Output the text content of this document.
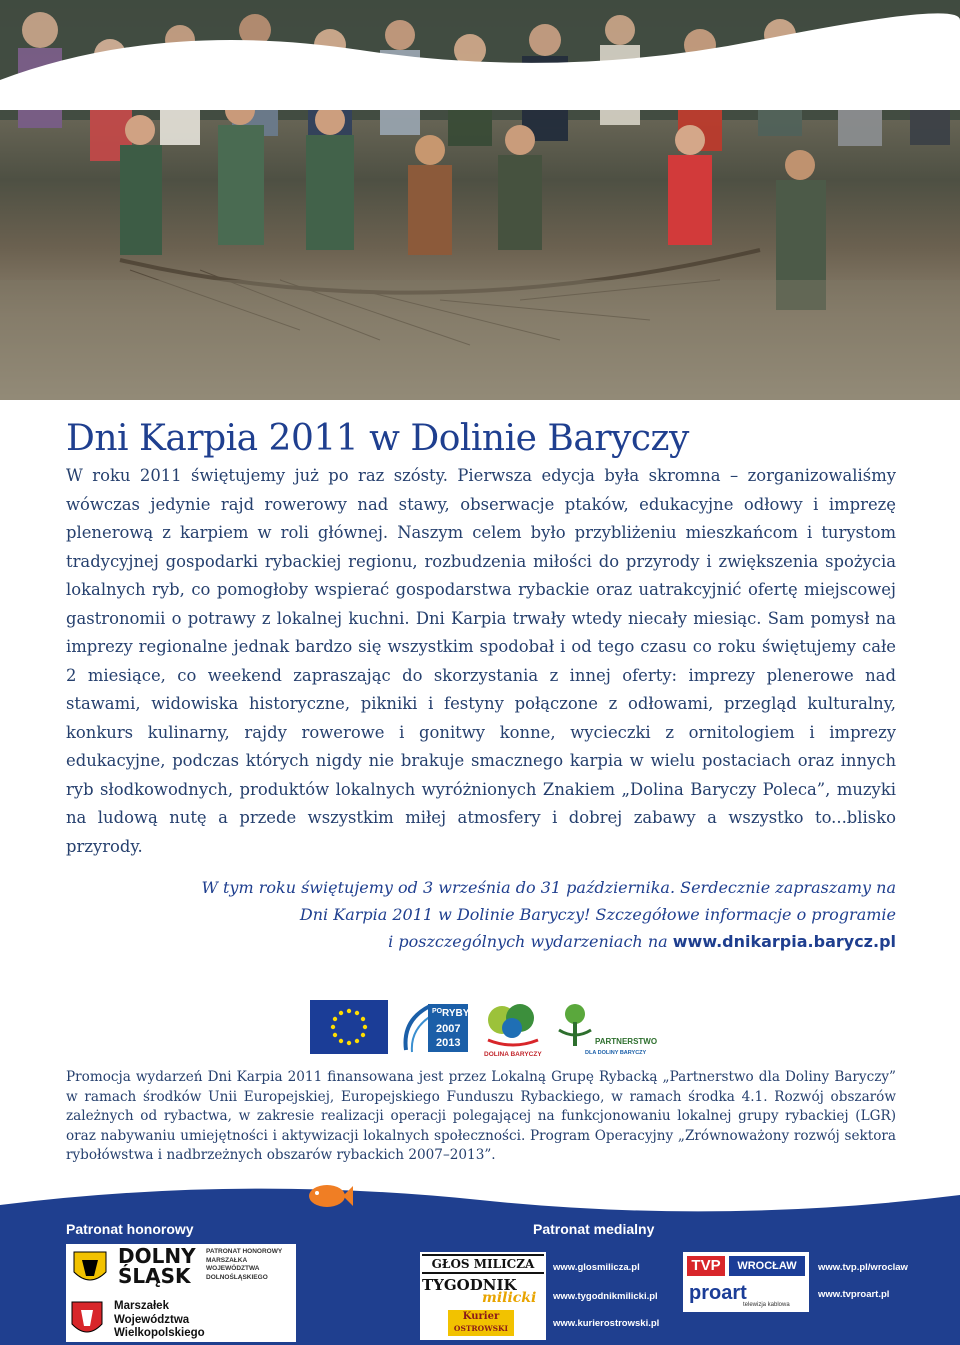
Dni Karpia 2011 w Dolinie Baryczy

W roku 2011 świętujemy już po raz szósty. Pierwsza edycja była skromna – zorganizowaliśmy wówczas jedynie rajd rowerowy nad stawy, obserwacje ptaków, edukacyjne odłowy i imprezę plenerową z karpiem w roli głównej. Naszym celem było przybliżeniu mieszkańcom i turystom tradycyjnej gospodarki rybackiej regionu, rozbudzenia miłości do przyrody i zwiększenia spożycia lokalnych ryb, co pomogłoby wspierać gospodarstwa rybackie oraz uatrakcyjnić ofertę miejscowej gastronomii o potrawy z lokalnej kuchni. Dni Karpia trwały wtedy niecały miesiąc. Sam pomysł na imprezy regionalne jednak bardzo się wszystkim spodobał i od tego czasu co roku świętujemy całe 2 miesiące, co weekend zapraszając do skorzystania z innej oferty: imprezy plenerowe nad stawami, widowiska historyczne, pikniki i festyny połączone z odłowami, przegląd kulturalny, konkurs kulinarny, rajdy rowerowe i gonitwy konne, wycieczki z ornitologiem i imprezy edukacyjne, podczas których nigdy nie brakuje smacznego karpia w wielu postaciach oraz innych ryb słodkowodnych, produktów lokalnych wyróżnionych Znakiem „Dolina Baryczy Poleca”, muzyki na ludową nutę a przede wszystkim miłej atmosfery i dobrej zabawy a wszystko to...blisko przyrody.

W tym roku świętujemy od 3 września do 31 października. Serdecznie zapraszamy na
Dni Karpia 2011 w Dolinie Baryczy! Szczegółowe informacje o programie
i poszczególnych wydarzeniach na www.dnikarpia.barycz.pl
PO RYBY
2007
2013
DOLINA BARYCZY
PARTNERSTWO
DLA DOLINY BARYCZY

Promocja wydarzeń Dni Karpia 2011 finansowana jest przez Lokalną Grupę Rybacką „Partnerstwo dla Doliny Baryczy” w ramach środków Unii Europejskiej, Europejskiego Funduszu Rybackiego, w ramach środka 4.1. Rozwój obszarów zależnych od rybactwa, w zakresie realizacji operacji polegającej na funkcjonowaniu lokalnej grupy rybackiej (LGR) oraz nabywaniu umiejętności i aktywizacji lokalnych społeczności. Program Operacyjny „Zrównoważony rozwój sektora rybołówstwa i nadbrzeżnych obszarów rybackich 2007–2013”.

Patronat honorowy	Patronat medialny
DOLNY
ŚLĄSK
PATRONAT HONOROWY MARSZAŁKA WOJEWÓDZTWA DOLNOŚLĄSKIEGO
Marszałek
Województwa
Wielkopolskiego
GŁOS MILICZA
TYGODNIK
milicki
Kurier
OSTROWSKI
www.glosmilicza.pl
www.tygodnikmilicki.pl
www.kurierostrowski.pl
TVP	WROCŁAW
proart
telewizja kablowa
www.tvp.pl/wroclaw
www.tvproart.pl
